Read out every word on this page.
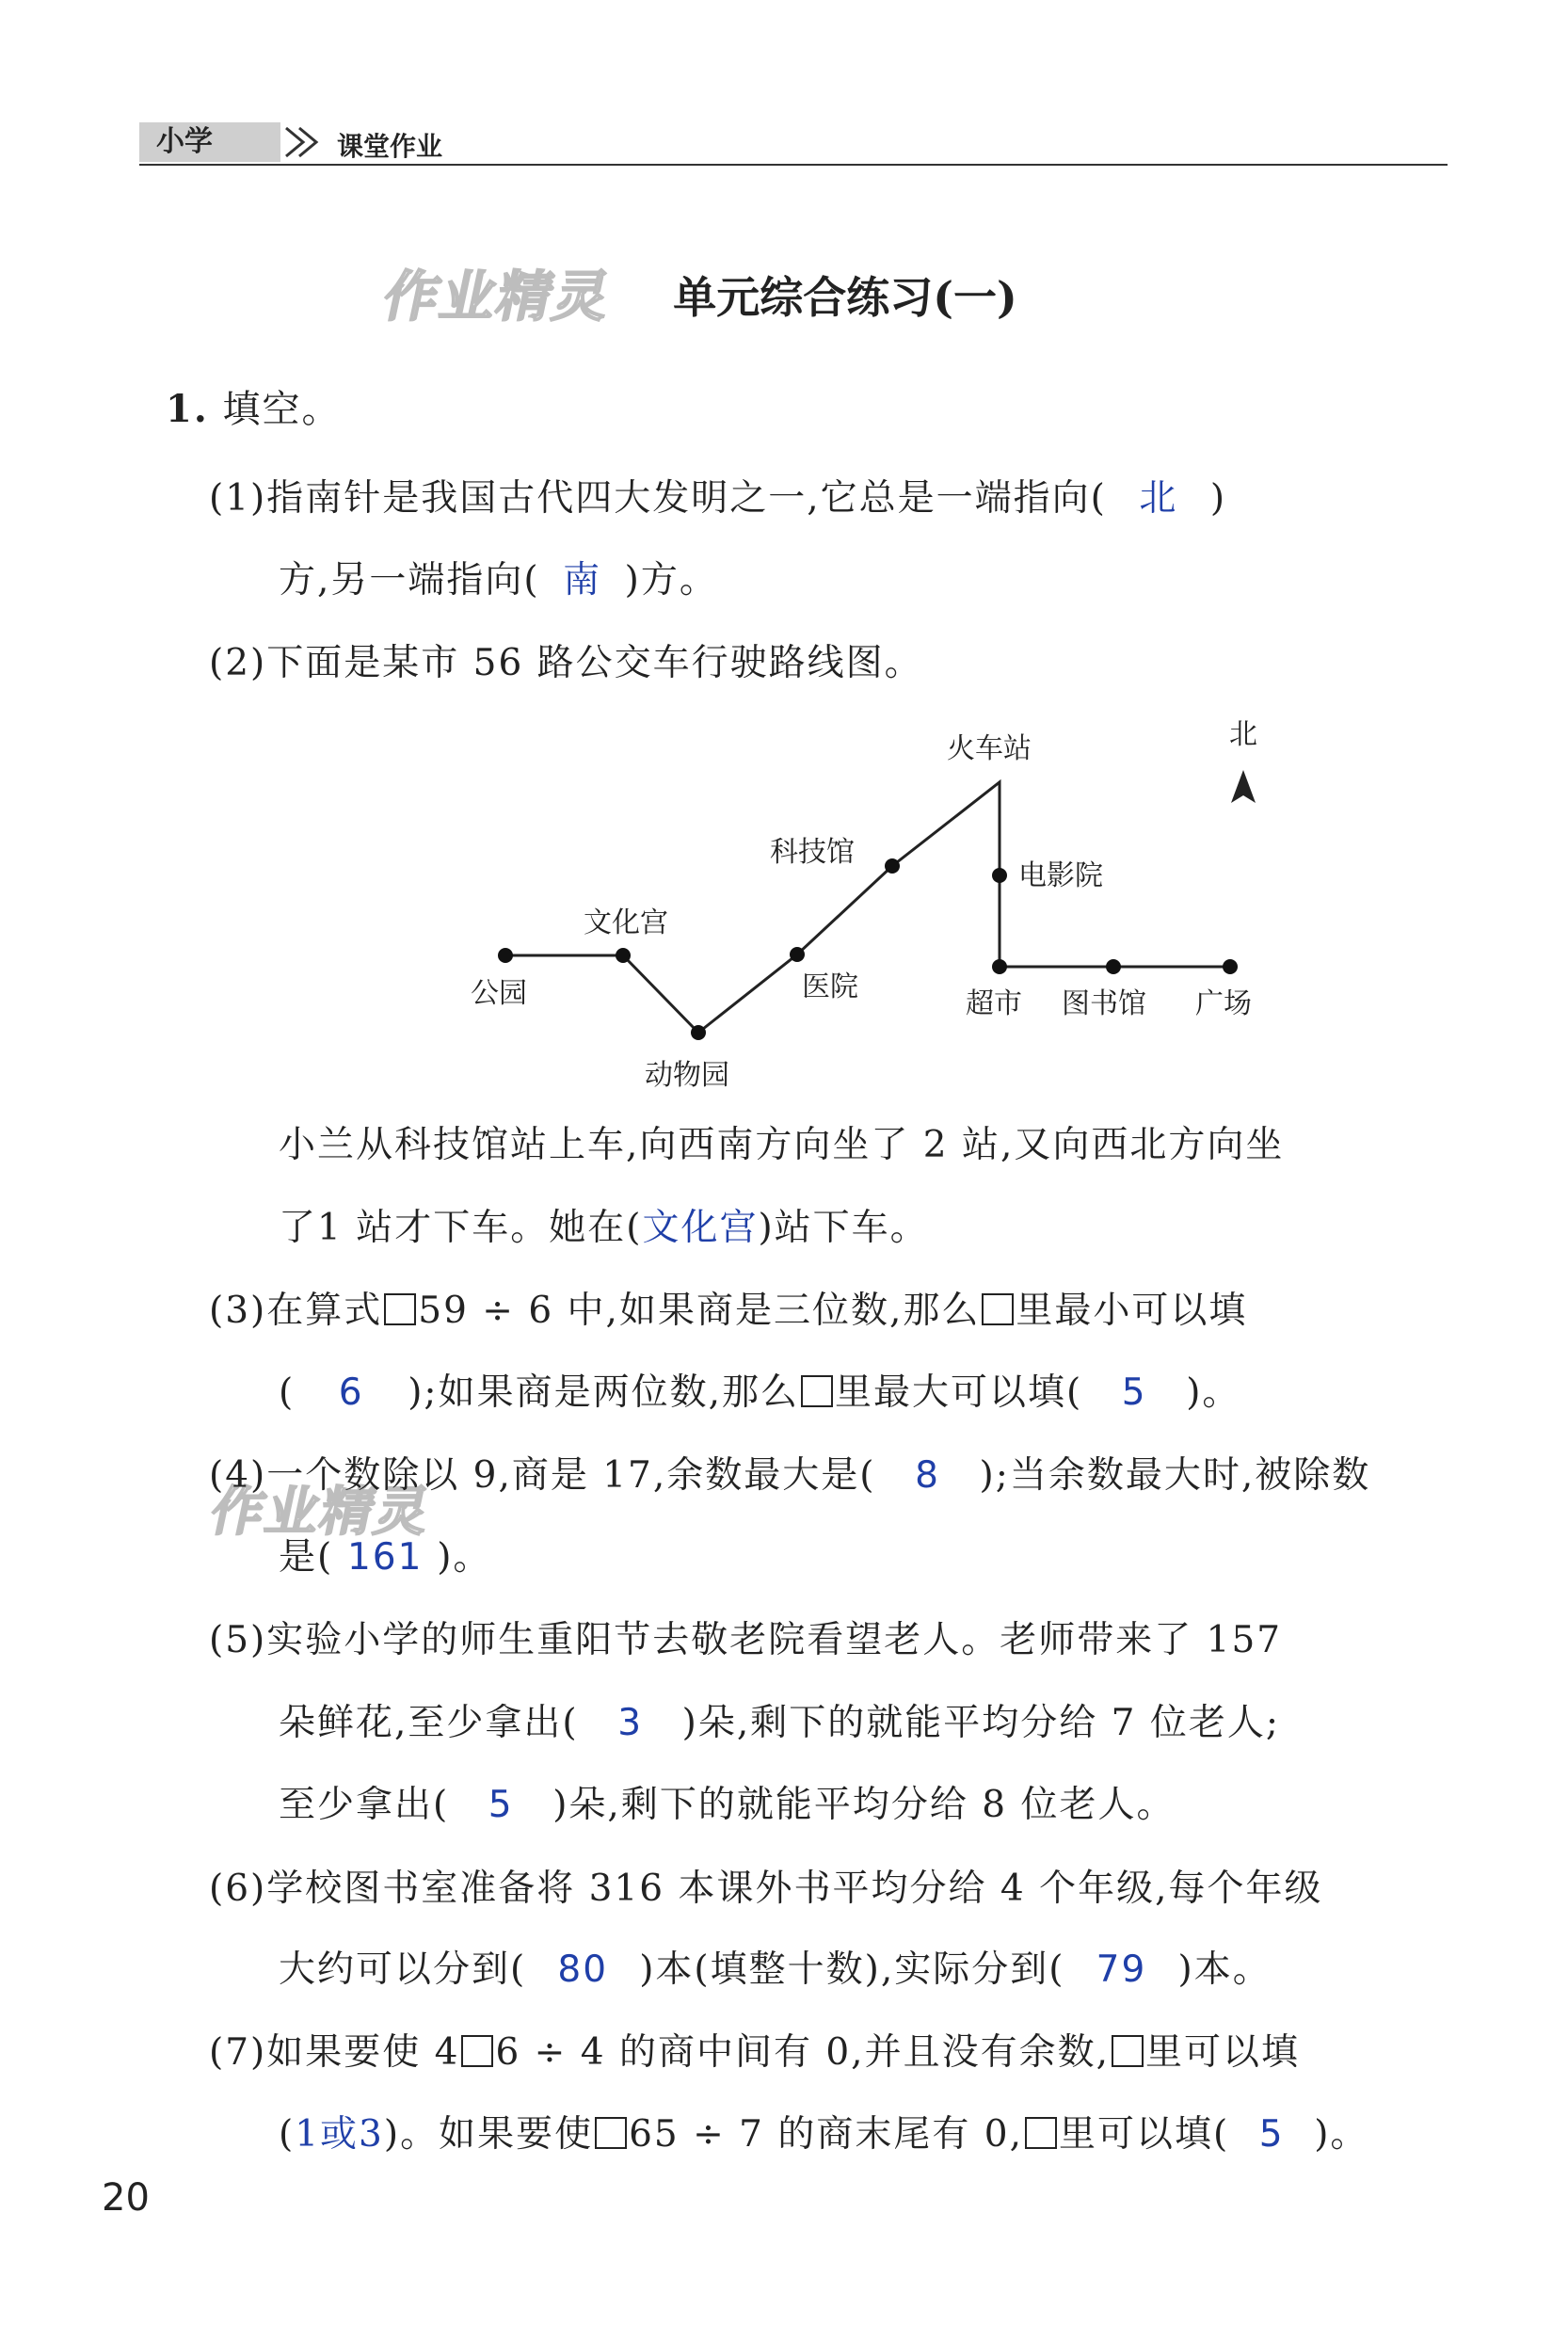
小学	课堂作业
作业精灵
作业精灵
单元综合练习(一)
1. 填空。
(1)指南针是我国古代四大发明之一,它总是一端指向( 北 )
方,另一端指向( 南 )方。
(2)下面是某市 56 路公交车行驶路线图。
公园
文化宫
动物园
医院
科技馆
火车站
电影院
超市 图书馆 广场
北
小兰从科技馆站上车,向西南方向坐了 2 站,又向西北方向坐
了1 站才下车。她在(文化宫)站下车。
(3)在算式 59 ÷ 6 中,如果商是三位数,那么 里最小可以填
( 6 );如果商是两位数,那么 里最大可以填( 5 )。
(4)一个数除以 9,商是 17,余数最大是( 8 );当余数最大时,被除数
是( 161 )。
(5)实验小学的师生重阳节去敬老院看望老人。老师带来了 157
朵鲜花,至少拿出( 3 )朵,剩下的就能平均分给 7 位老人;
至少拿出( 5 )朵,剩下的就能平均分给 8 位老人。
(6)学校图书室准备将 316 本课外书平均分给 4 个年级,每个年级
大约可以分到( 80 )本(填整十数),实际分到( 79 )本。
(7)如果要使 4 6 ÷ 4 的商中间有 0,并且没有余数, 里可以填
(1或3)。如果要使 65 ÷ 7 的商末尾有 0, 里可以填( 5 )。
20
